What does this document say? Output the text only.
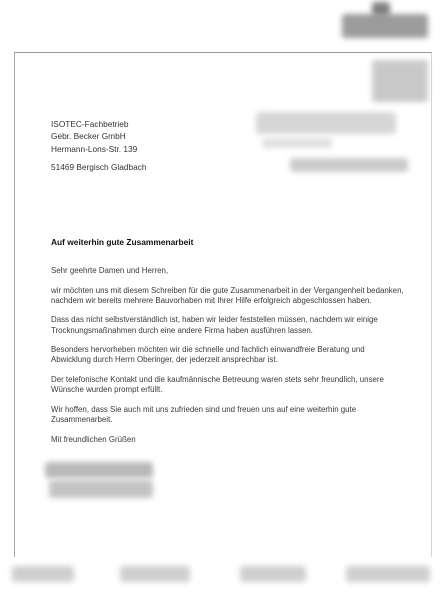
ISOTEC-Fachbetrieb
Gebr. Becker GmbH
Hermann-Lons-Str. 139
51469 Bergisch Gladbach
Auf weiterhin gute Zusammenarbeit

Sehr geehrte Damen und Herren,

wir möchten uns mit diesem Schreiben für die gute Zusammenarbeit in der Vergangenheit bedanken, nachdem wir bereits mehrere Bauvorhaben mit Ihrer Hilfe erfolgreich abgeschlossen haben.

Dass das nicht selbstverständlich ist, haben wir leider feststellen müssen, nachdem wir einige Trocknungsmaßnahmen durch eine andere Firma haben ausführen lassen.

Besonders hervorheben möchten wir die schnelle und fachlich einwandfreie Beratung und Abwicklung durch Herrn Oberinger, der jederzeit ansprechbar ist.

Der telefonische Kontakt und die kaufmännische Betreuung waren stets sehr freundlich, unsere Wünsche wurden prompt erfüllt.

Wir hoffen, dass Sie auch mit uns zufrieden sind und freuen uns auf eine weiterhin gute Zusammenarbeit.

Mit freundlichen Grüßen
